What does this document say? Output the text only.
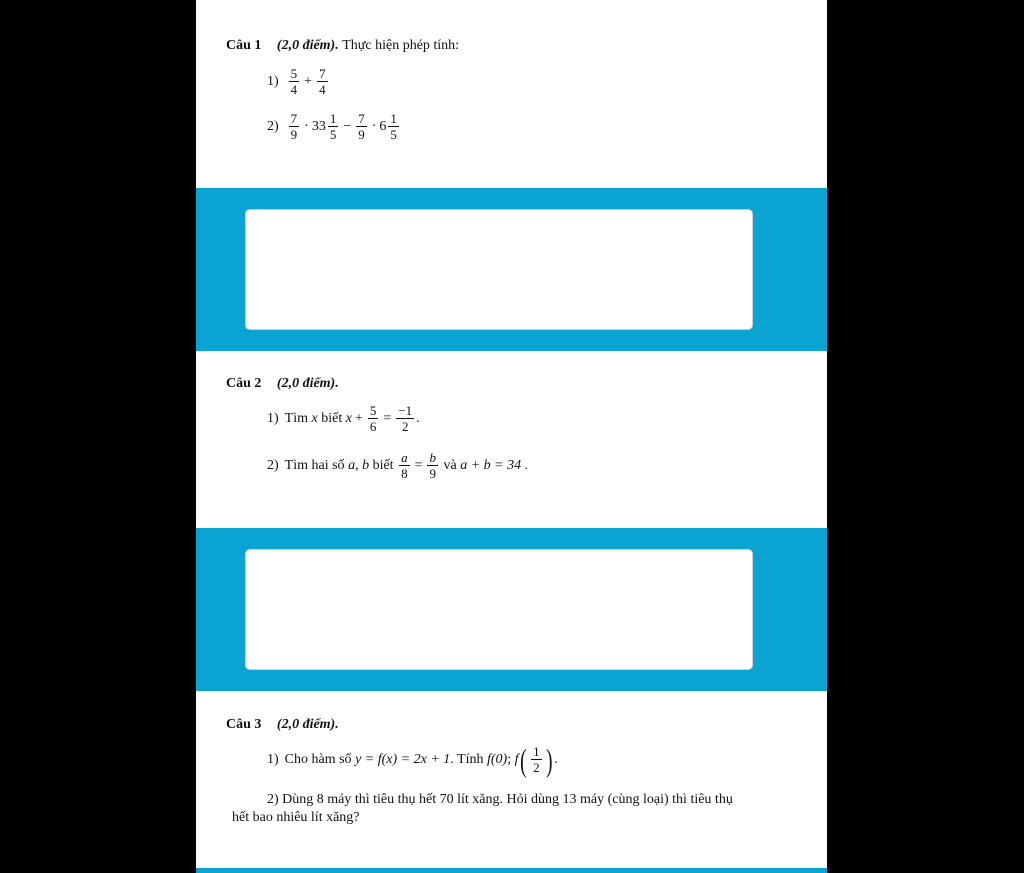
Câu 1 (2,0 điểm). Thực hiện phép tính:
$1) \frac{5}{4} + \frac{7}{4}$
$2) \frac{7}{9} \cdot 33 \frac{1}{5} - \frac{7}{9} \cdot 6 \frac{1}{5}$
Câu 2 (2,0 điểm).
1) Tìm
x
biết
$x + \frac{5}{6} = \frac{-1}{2}$ .
2) Tìm hai số
a ,
b
biết
$\frac{a}{8} = \frac{b}{9}$
và
a + b = 34 .
Câu 3 (2,0 điểm).
1) Cho hàm số
y = f(x) = 2x + 1 . Tính
f(0) ;
f ( $\frac{1}{2}$ ) .
2) Dùng 8 máy thì tiêu thụ hết 70 lít xăng. Hỏi dùng 13 máy (cùng loại) thì tiêu thụ
hết bao nhiêu lít xăng?
